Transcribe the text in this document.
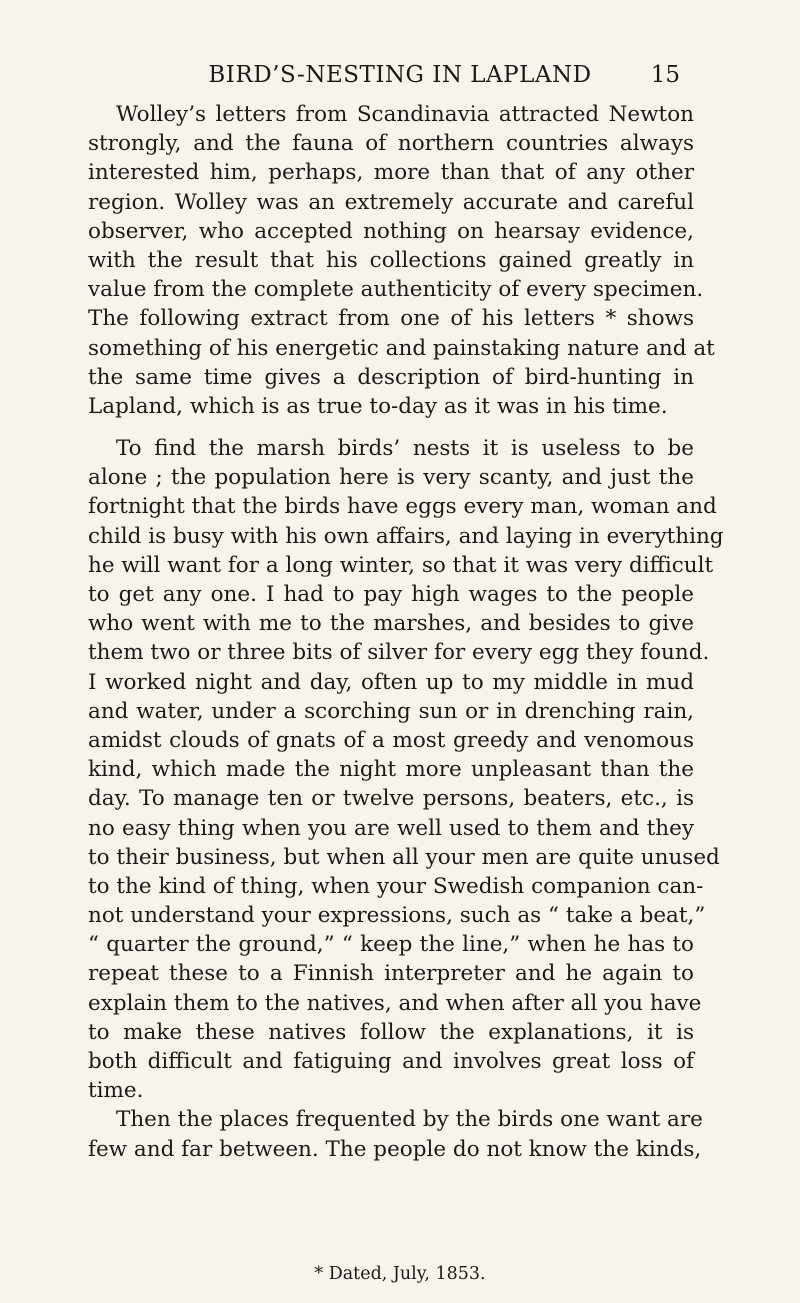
BIRD’S-NESTING IN LAPLAND	15
Wolley’s letters from Scandinavia attracted Newton
strongly, and the fauna of northern countries always
interested him, perhaps, more than that of any other
region. Wolley was an extremely accurate and careful
observer, who accepted nothing on hearsay evidence,
with the result that his collections gained greatly in
value from the complete authenticity of every specimen.
The following extract from one of his letters * shows
something of his energetic and painstaking nature and at
the same time gives a description of bird-hunting in
Lapland, which is as true to-day as it was in his time.
To find the marsh birds’ nests it is useless to be
alone ; the population here is very scanty, and just the
fortnight that the birds have eggs every man, woman and
child is busy with his own affairs, and laying in everything
he will want for a long winter, so that it was very difficult
to get any one. I had to pay high wages to the people
who went with me to the marshes, and besides to give
them two or three bits of silver for every egg they found.
I worked night and day, often up to my middle in mud
and water, under a scorching sun or in drenching rain,
amidst clouds of gnats of a most greedy and venomous
kind, which made the night more unpleasant than the
day. To manage ten or twelve persons, beaters, etc., is
no easy thing when you are well used to them and they
to their business, but when all your men are quite unused
to the kind of thing, when your Swedish companion can-
not understand your expressions, such as “ take a beat,”
“ quarter the ground,” “ keep the line,” when he has to
repeat these to a Finnish interpreter and he again to
explain them to the natives, and when after all you have
to make these natives follow the explanations, it is
both difficult and fatiguing and involves great loss of
time.
Then the places frequented by the birds one want are
few and far between. The people do not know the kinds,
* Dated, July, 1853.
